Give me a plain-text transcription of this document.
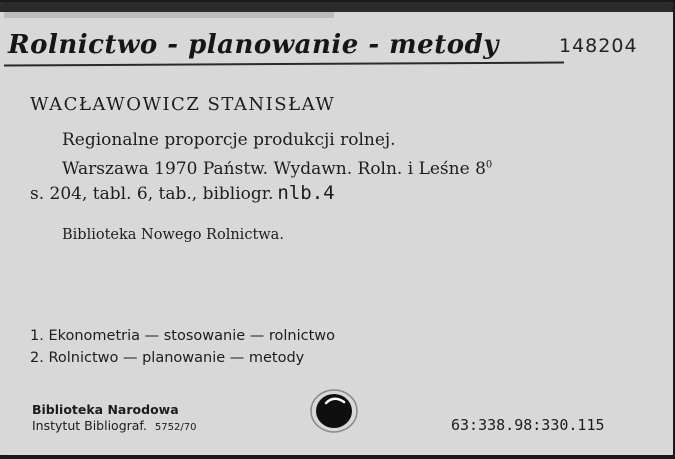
Rolnictwo - planowanie - metody	148204
WACŁAWOWICZ STANISŁAW
Regionalne proporcje produkcji rolnej.
Warszawa 1970 Państw. Wydawn. Roln. i Leśne $8^0$
s. 204, tabl. 6, tab., bibliogr. nlb.4
Biblioteka Nowego Rolnictwa.
1. Ekonometria — stosowanie — rolnictwo
2. Rolnictwo — planowanie — metody
Biblioteka Narodowa
Instytut Bibliograf. 5752/70	63:338.98:330.115
